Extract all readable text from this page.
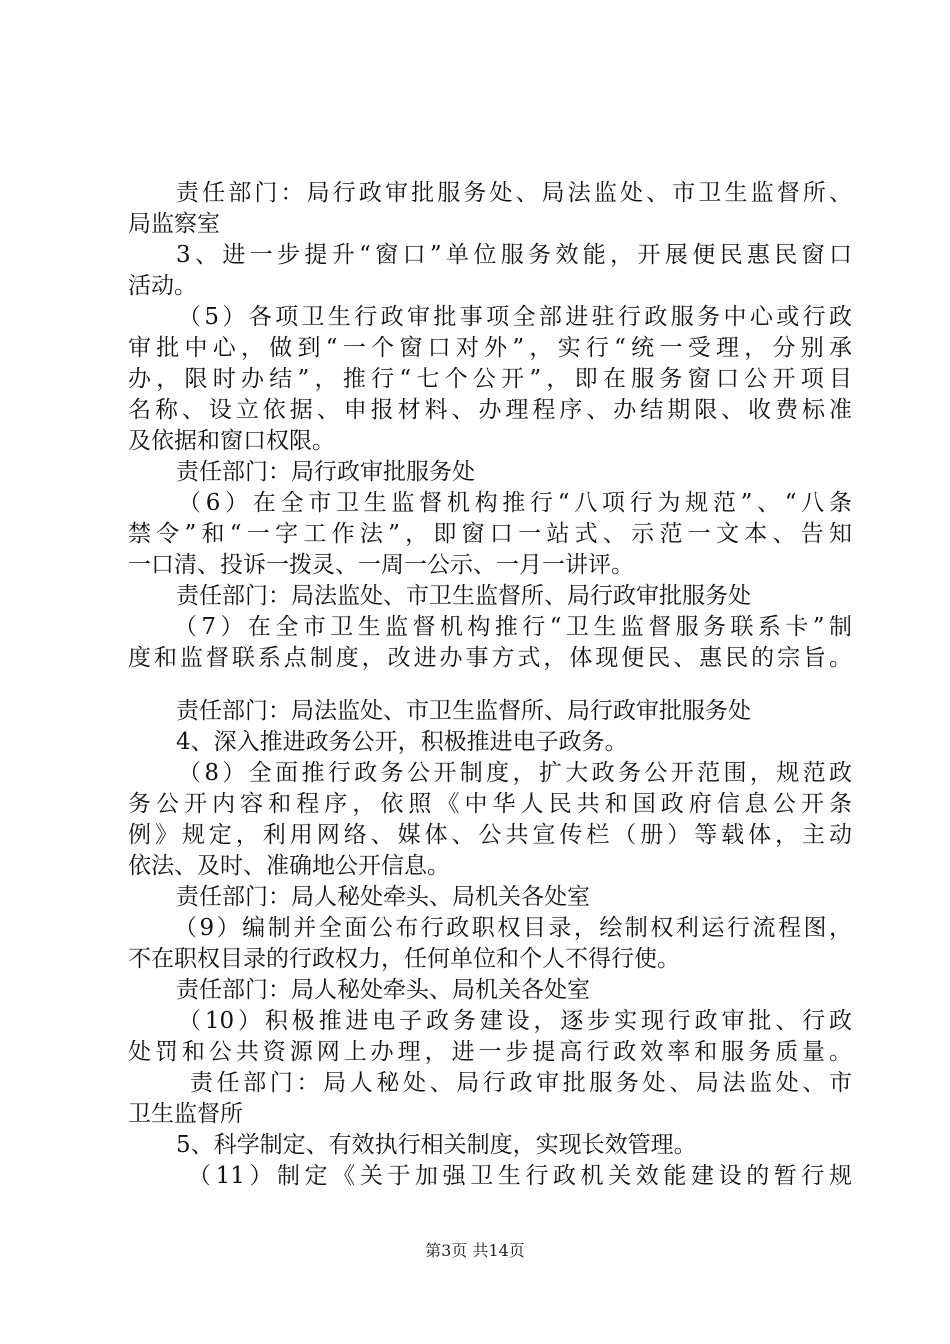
责任部门：局行政审批服务处、局法监处、市卫生监督所、
局监察室
3、进一步提升“窗口”单位服务效能，开展便民惠民窗口
活动。
（5）各项卫生行政审批事项全部进驻行政服务中心或行政
审批中心，做到“一个窗口对外”，实行“统一受理，分别承
办，限时办结”，推行“七个公开”，即在服务窗口公开项目
名称、设立依据、申报材料、办理程序、办结期限、收费标准
及依据和窗口权限。
责任部门：局行政审批服务处
（6）在全市卫生监督机构推行“八项行为规范”、“八条
禁令”和“一字工作法”，即窗口一站式、示范一文本、告知
一口清、投诉一拨灵、一周一公示、一月一讲评。
责任部门：局法监处、市卫生监督所、局行政审批服务处
（7）在全市卫生监督机构推行“卫生监督服务联系卡”制
度和监督联系点制度，改进办事方式，体现便民、惠民的宗旨。
责任部门：局法监处、市卫生监督所、局行政审批服务处
4、深入推进政务公开，积极推进电子政务。
（8）全面推行政务公开制度，扩大政务公开范围，规范政
务公开内容和程序，依照《中华人民共和国政府信息公开条
例》规定，利用网络、媒体、公共宣传栏（册）等载体，主动
依法、及时、准确地公开信息。
责任部门：局人秘处牵头、局机关各处室
（9）编制并全面公布行政职权目录，绘制权利运行流程图，
不在职权目录的行政权力，任何单位和个人不得行使。
责任部门：局人秘处牵头、局机关各处室
（10）积极推进电子政务建设，逐步实现行政审批、行政
处罚和公共资源网上办理，进一步提高行政效率和服务质量。
责任部门：局人秘处、局行政审批服务处、局法监处、市
卫生监督所
5、科学制定、有效执行相关制度，实现长效管理。
（11）制定《关于加强卫生行政机关效能建设的暂行规
第3页 共14页
